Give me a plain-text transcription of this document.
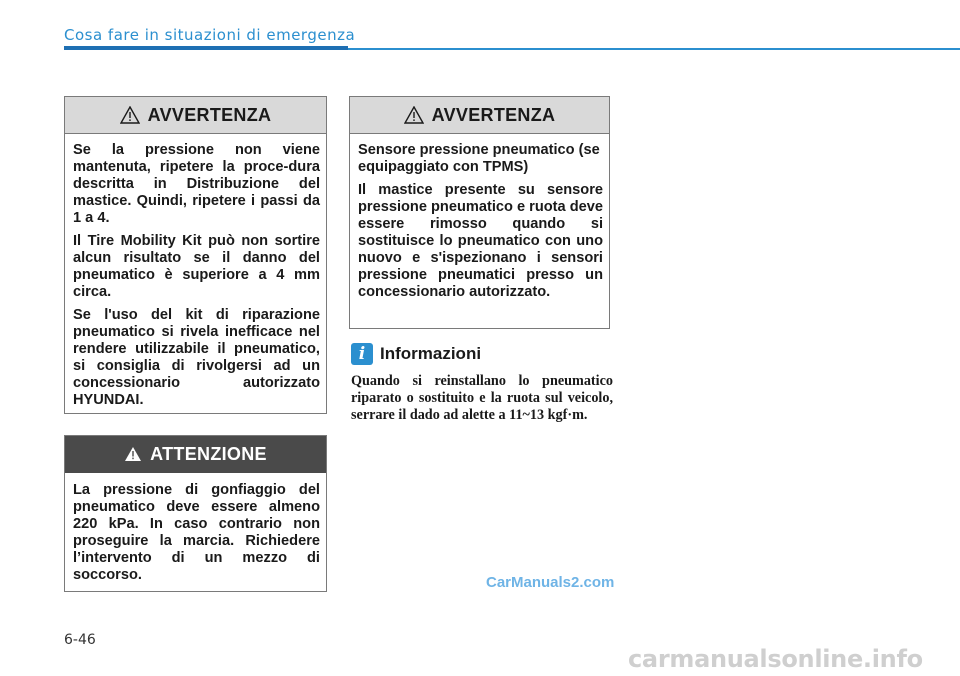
Cosa fare in situazioni di emergenza
AVVERTENZA

Se la pressione non viene mantenuta, ripetere la proce-dura descritta in Distribuzione del mastice. Quindi, ripetere i passi da 1 a 4.

Il Tire Mobility Kit può non sortire alcun risultato se il danno del pneumatico è superiore a 4 mm circa.

Se l'uso del kit di riparazione pneumatico si rivela inefficace nel rendere utilizzabile il pneumatico, si consiglia di rivolgersi ad un concessionario autorizzato HYUNDAI.

ATTENZIONE

La pressione di gonfiaggio del pneumatico deve essere almeno 220 kPa. In caso contrario non proseguire la marcia. Richiedere l’intervento di un mezzo di soccorso.

AVVERTENZA

Sensore pressione pneumatico (se equipaggiato con TPMS)

Il mastice presente su sensore pressione pneumatico e ruota deve essere rimosso quando si sostituisce lo pneumatico con uno nuovo e s'ispezionano i sensori pressione pneumatici presso un concessionario autorizzato.

i Informazioni
Quando si reinstallano lo pneumatico riparato o sostituito e la ruota sul veicolo, serrare il dado ad alette a 11~13 kgf·m.
CarManuals2.com
6-46
carmanualsonline.info
